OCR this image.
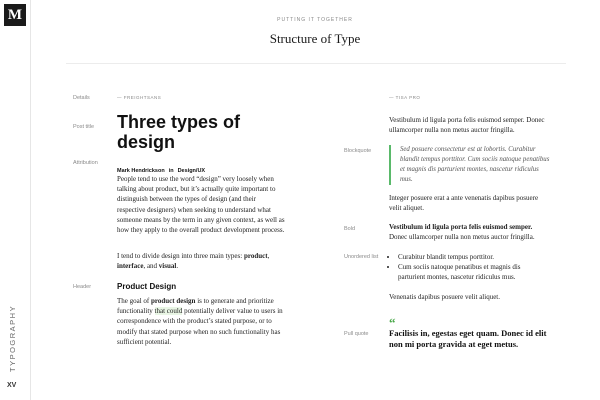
M
TYPOGRAPHY
XV
PUTTING IT TOGETHER
Structure of Type
Details
Post title
Attribution
Header
Blockquote
Bold
Unordered list
Pull quote
— FREIGHTSANS	— TISA PRO
Three types of design
Mark Hendrickson in Design/UX
People tend to use the word “design” very loosely when talking about product, but it’s actually quite important to distinguish between the types of design (and their respective designers) when seeking to understand what someone means by the term in any given context, as well as how they apply to the overall product development process.
I tend to divide design into three main types: product, interface, and visual.
Product Design
The goal of product design is to generate and prioritize functionality that could potentially deliver value to users in correspondence with the product’s stated purpose, or to modify that stated purpose when no such functionality has sufficient potential.
Vestibulum id ligula porta felis euismod semper. Donec ullamcorper nulla non metus auctor fringilla.
Sed posuere consectetur est at lobortis. Curabitur blandit tempus porttitor. Cum sociis natoque penatibus et magnis dis parturient montes, nascetur ridiculus mus.
Integer posuere erat a ante venenatis dapibus posuere velit aliquet.
Vestibulum id ligula porta felis euismod semper. Donec ullamcorper nulla non metus auctor fringilla.
• Curabitur blandit tempus porttitor.
• Cum sociis natoque penatibus et magnis dis parturient montes, nascetur ridiculus mus.
Venenatis dapibus posuere velit aliquet.
“
Facilisis in, egestas eget quam. Donec id elit non mi porta gravida at eget metus.
